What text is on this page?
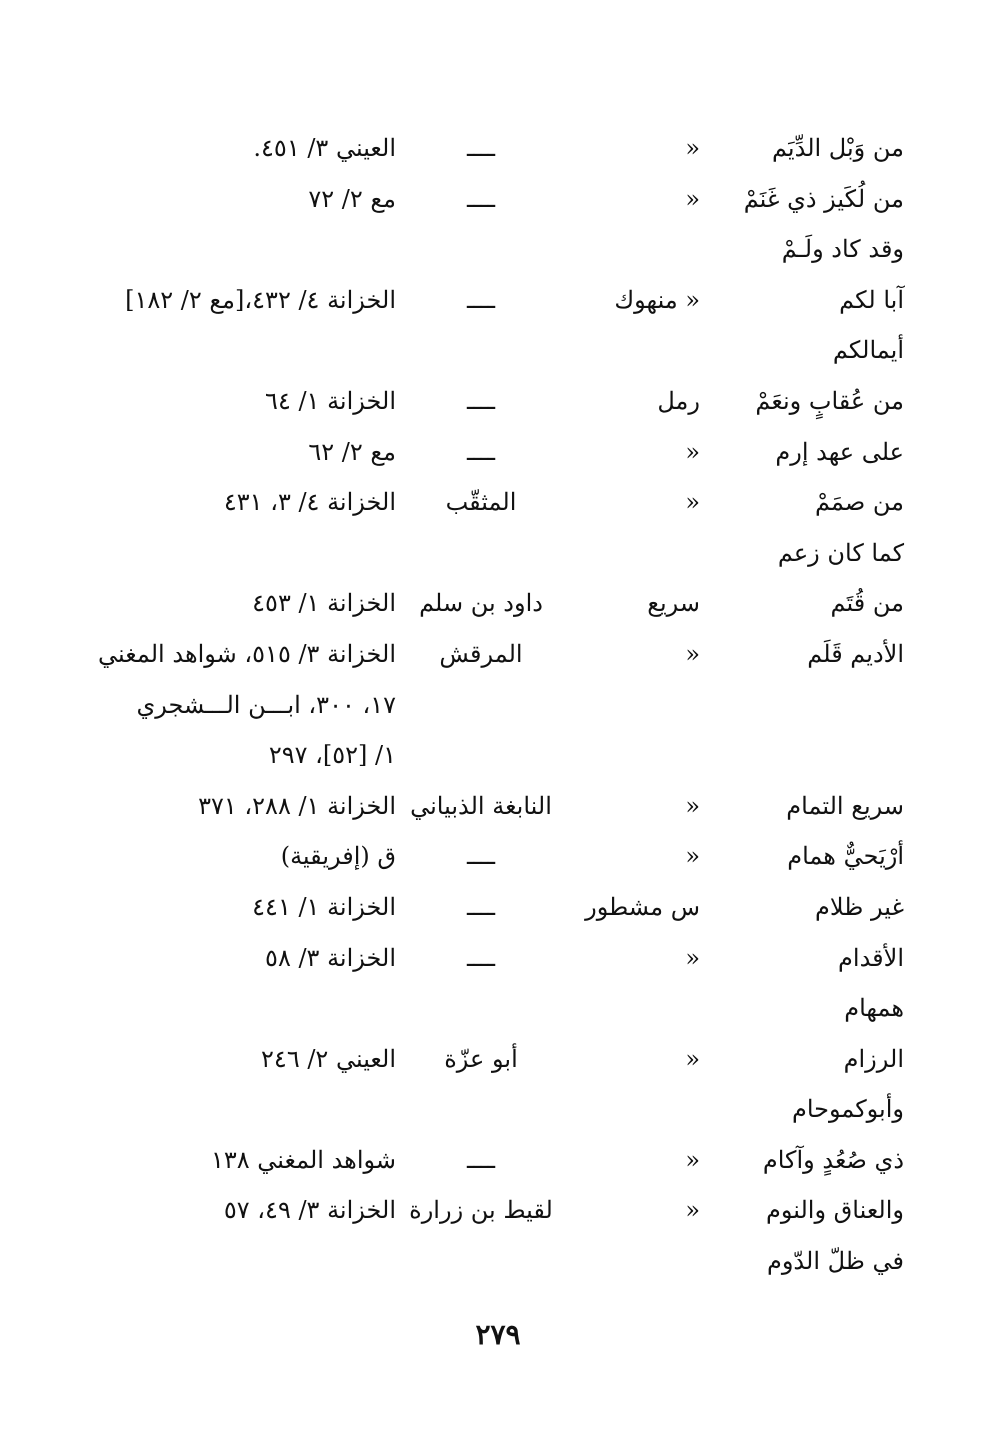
من وَبْل الدِّيَم
«
ــــ
العيني ٣/ ٤٥١.
من لُكَيز ذي غَنَمْ
«
ــــ
مع ٢/ ٧٢
وقد كاد ولَـمْ
آبا لكم
« منهوك
ــــ
الخزانة ٤/ ٤٣٢،[مع ٢/ ١٨٢]
أيمالكم
من عُقابٍ ونعَمْ
رمل
ــــ
الخزانة ١/ ٦٤
على عهد إرم
«
ــــ
مع ٢/ ٦٢
من صمَمْ
«
المثقّب
الخزانة ٤/ ٣، ٤٣١
كما كان زعم
من قُتَم
سريع
داود بن سلم
الخزانة ١/ ٤٥٣
الأديم قَلَم
«
المرقش
الخزانة ٣/ ٥١٥، شواهد المغني
١٧، ٣٠٠، ابـــن الـــشجري
١/ [٥٢]، ٢٩٧
سريع التمام
«
النابغة الذبياني
الخزانة ١/ ٢٨٨، ٣٧١
أرْيَحيٌّ همام
«
ــــ
ق (إفريقية)
غير ظلام
س مشطور
ــــ
الخزانة ١/ ٤٤١
الأقدام
«
ــــ
الخزانة ٣/ ٥٨
همهام
الرزام
«
أبو عزّة
العيني ٢/ ٢٤٦
وأبوكموحام
ذي صُعُدٍ وآكام
«
ــــ
شواهد المغني ١٣٨
والعناق والنوم
«
لقيط بن زرارة
الخزانة ٣/ ٤٩، ٥٧
في ظلّ الدّوم
٢٧٩
